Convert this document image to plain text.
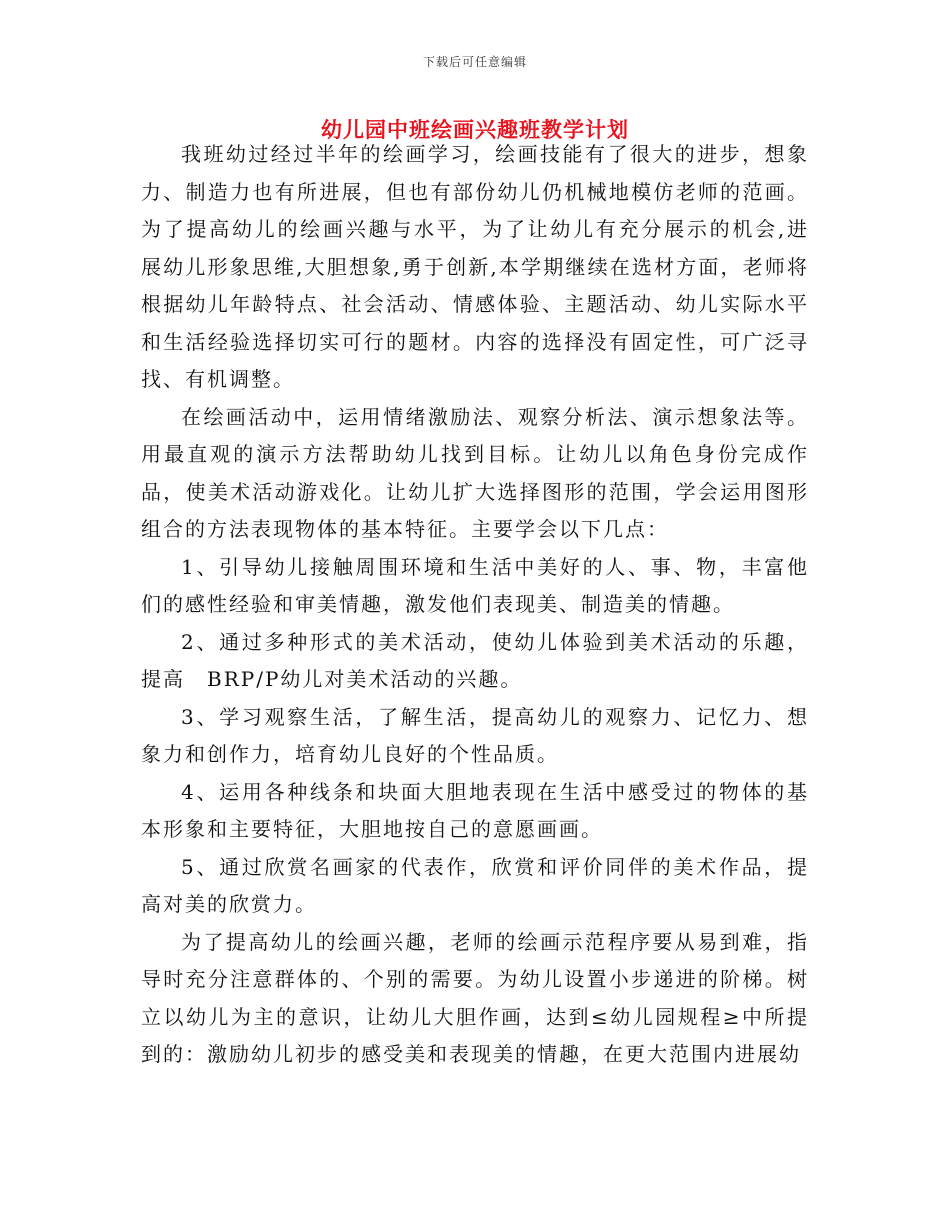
下载后可任意编辑
幼儿园中班绘画兴趣班教学计划

我班幼过经过半年的绘画学习，绘画技能有了很大的进步，想象力、制造力也有所进展，但也有部份幼儿仍机械地模仿老师的范画。为了提高幼儿的绘画兴趣与水平，为了让幼儿有充分展示的机会,进展幼儿形象思维,大胆想象,勇于创新,本学期继续在选材方面，老师将根据幼儿年龄特点、社会活动、情感体验、主题活动、幼儿实际水平和生活经验选择切实可行的题材。内容的选择没有固定性，可广泛寻找、有机调整。

在绘画活动中，运用情绪激励法、观察分析法、演示想象法等。用最直观的演示方法帮助幼儿找到目标。让幼儿以角色身份完成作品，使美术活动游戏化。让幼儿扩大选择图形的范围，学会运用图形组合的方法表现物体的基本特征。主要学会以下几点：

1、引导幼儿接触周围环境和生活中美好的人、事、物，丰富他们的感性经验和审美情趣，激发他们表现美、制造美的情趣。

2、通过多种形式的美术活动，使幼儿体验到美术活动的乐趣，提高　BRP/P幼儿对美术活动的兴趣。

3、学习观察生活，了解生活，提高幼儿的观察力、记忆力、想象力和创作力，培育幼儿良好的个性品质。

4、运用各种线条和块面大胆地表现在生活中感受过的物体的基本形象和主要特征，大胆地按自己的意愿画画。

5、通过欣赏名画家的代表作，欣赏和评价同伴的美术作品，提高对美的欣赏力。

为了提高幼儿的绘画兴趣，老师的绘画示范程序要从易到难，指导时充分注意群体的、个别的需要。为幼儿设置小步递进的阶梯。树立以幼儿为主的意识，让幼儿大胆作画，达到≤幼儿园规程≥中所提到的：激励幼儿初步的感受美和表现美的情趣，在更大范围内进展幼
